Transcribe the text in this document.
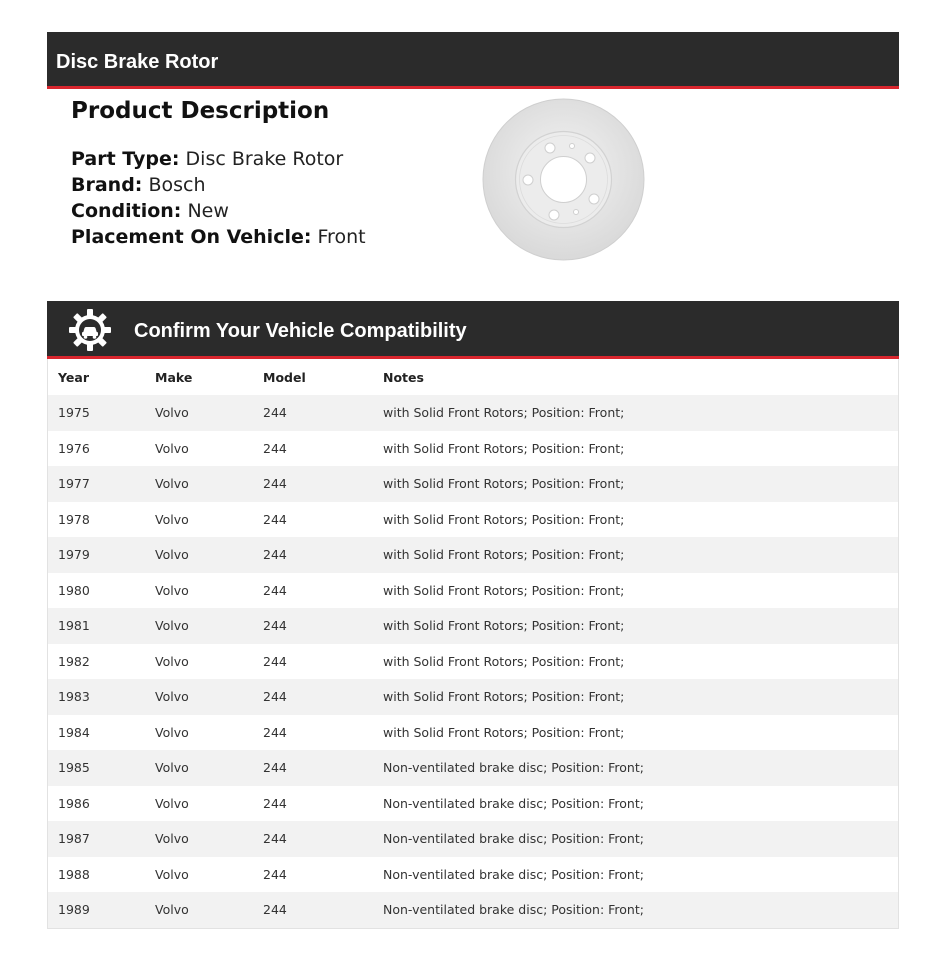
Disc Brake Rotor
Product Description
Part Type: Disc Brake Rotor
Brand: Bosch
Condition: New
Placement On Vehicle: Front
Confirm Your Vehicle Compatibility
Year	Make	Model	Notes
1975	Volvo	244	with Solid Front Rotors; Position: Front;
1976	Volvo	244	with Solid Front Rotors; Position: Front;
1977	Volvo	244	with Solid Front Rotors; Position: Front;
1978	Volvo	244	with Solid Front Rotors; Position: Front;
1979	Volvo	244	with Solid Front Rotors; Position: Front;
1980	Volvo	244	with Solid Front Rotors; Position: Front;
1981	Volvo	244	with Solid Front Rotors; Position: Front;
1982	Volvo	244	with Solid Front Rotors; Position: Front;
1983	Volvo	244	with Solid Front Rotors; Position: Front;
1984	Volvo	244	with Solid Front Rotors; Position: Front;
1985	Volvo	244	Non-ventilated brake disc; Position: Front;
1986	Volvo	244	Non-ventilated brake disc; Position: Front;
1987	Volvo	244	Non-ventilated brake disc; Position: Front;
1988	Volvo	244	Non-ventilated brake disc; Position: Front;
1989	Volvo	244	Non-ventilated brake disc; Position: Front;
